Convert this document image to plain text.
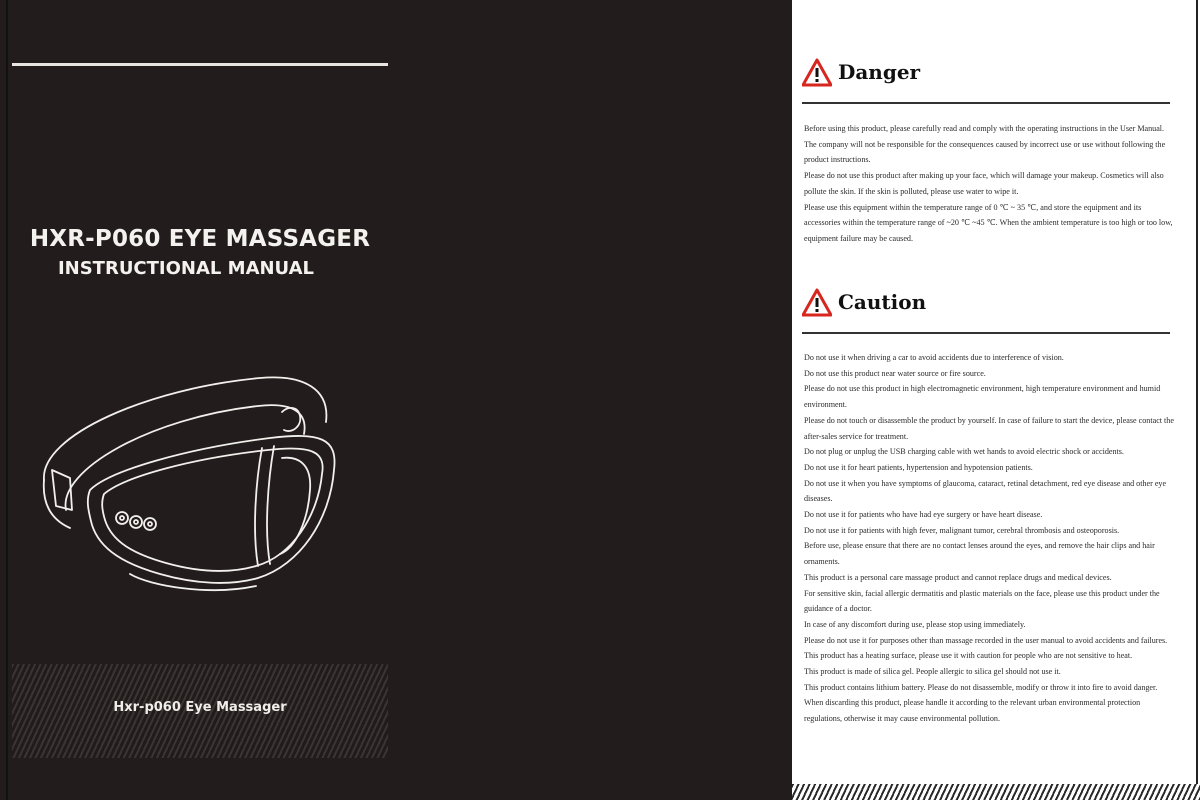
HXR-P060 EYE MASSAGER
INSTRUCTIONAL MANUAL
Hxr-p060 Eye Massager
Danger

Before using this product, please carefully read and comply with the operating instructions in the User Manual. The company will not be responsible for the consequences caused by incorrect use or use without following the product instructions.

Please do not use this product after making up your face, which will damage your makeup. Cosmetics will also pollute the skin. If the skin is polluted, please use water to wipe it.

Please use this equipment within the temperature range of 0 ℃ ~ 35 ℃, and store the equipment and its accessories within the temperature range of ~20 ℃ ~45 ℃. When the ambient temperature is too high or too low, equipment failure may be caused.

Caution

Do not use it when driving a car to avoid accidents due to interference of vision.

Do not use this product near water source or fire source.

Please do not use this product in high electromagnetic environment, high temperature environment and humid environment.

Please do not touch or disassemble the product by yourself. In case of failure to start the device, please contact the after-sales service for treatment.

Do not plug or unplug the USB charging cable with wet hands to avoid electric shock or accidents.

Do not use it for heart patients, hypertension and hypotension patients.

Do not use it when you have symptoms of glaucoma, cataract, retinal detachment, red eye disease and other eye diseases.

Do not use it for patients who have had eye surgery or have heart disease.

Do not use it for patients with high fever, malignant tumor, cerebral thrombosis and osteoporosis.

Before use, please ensure that there are no contact lenses around the eyes, and remove the hair clips and hair ornaments.

This product is a personal care massage product and cannot replace drugs and medical devices.

For sensitive skin, facial allergic dermatitis and plastic materials on the face, please use this product under the guidance of a doctor.

In case of any discomfort during use, please stop using immediately.

Please do not use it for purposes other than massage recorded in the user manual to avoid accidents and failures.

This product has a heating surface, please use it with caution for people who are not sensitive to heat.

This product is made of silica gel. People allergic to silica gel should not use it.

This product contains lithium battery. Please do not disassemble, modify or throw it into fire to avoid danger.

When discarding this product, please handle it according to the relevant urban environmental protection regulations, otherwise it may cause environmental pollution.
